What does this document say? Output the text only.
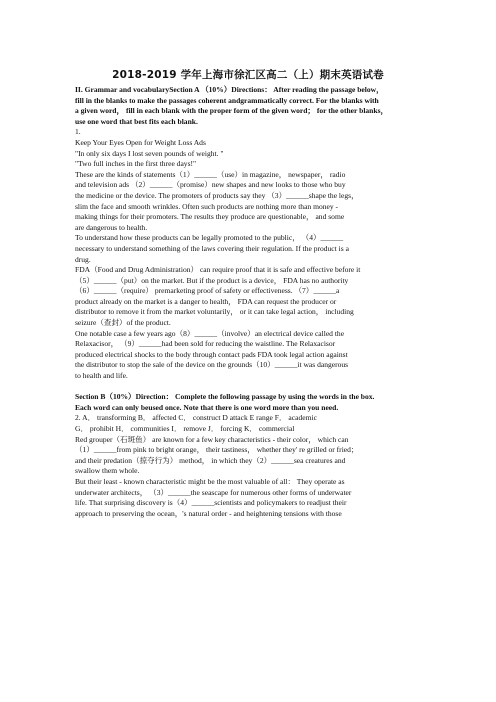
2018-2019 学年上海市徐汇区高二（上）期末英语试卷

II. Grammar and vocabularySection A （10%）Directions： After reading the passage below，

fill in the blanks to make the passages coherent andgrammatically correct. For the blanks with

a given word， fill in each blank with the proper form of the given word； for the other blanks，

use one word that best fits each blank.

1.

Keep Your Eyes Open for Weight Loss Ads

"In only six days I lost seven pounds of weight. "

"Two full inches in the first three days!"

These are the kinds of statements（1）______（use）in magazine， newspaper， radio

and television ads （2）______（promise）new shapes and new looks to those who buy

the medicine or the device. The promoters of products say they （3）______shape the legs，

slim the face and smooth wrinkles. Often such products are nothing more than money -

making things for their promoters. The results they produce are questionable， and some

are dangerous to health.

To understand how these products can be legally promoted to the public， （4）______

necessary to understand something of the laws covering their regulation. If the product is a

drug.

FDA（Food and Drug Administration） can require proof that it is safe and effective before it

（5）______（put）on the market. But if the product is a device， FDA has no authority

（6）______（require） premarketing proof of safety or effectiveness. （7）______a

product already on the market is a danger to health， FDA can request the producer or

distributor to remove it from the market voluntarily， or it can take legal action， including

seizure（查封）of the product.

One notable case a few years ago（8）______（involve）an electrical device called the

Relaxacisor， （9）______had been sold for reducing the waistline. The Relaxacisor

produced electrical shocks to the body through contact pads FDA took legal action against

the distributor to stop the sale of the device on the grounds（10）______it was dangerous

to health and life.

Section B（10%）Direction： Complete the following passage by using the words in the box.

Each word can only beused once. Note that there is one word more than you need.

2. A． transforming B． affected C． construct D attack E range F． academic

G． prohibit H． communities I． remove J． forcing K． commercial

Red grouper（石斑鱼） are known for a few key characteristics - their color， which can

（1）______from pink to bright orange， their tastiness， whether they' re grilled or fried；

and their predation（掠夺行为） method， in which they（2）______sea creatures and

swallow them whole.

But their least - known characteristic might be the most valuable of all： They operate as

underwater architects， （3）______the seascape for numerous other forms of underwater

life. That surprising discovery is（4）______scientists and policymakers to readjust their

approach to preserving the ocean，'s natural order - and heightening tensions with those
